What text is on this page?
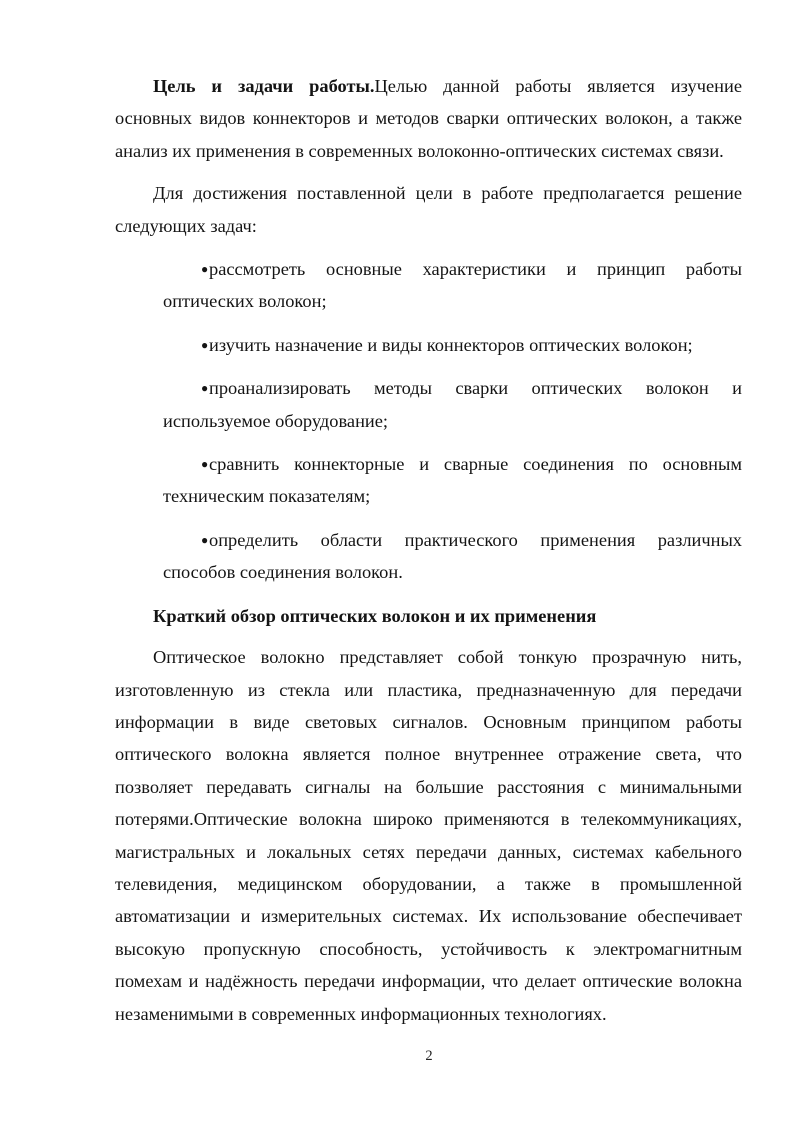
Цель и задачи работы.Целью данной работы является изучение основных видов коннекторов и методов сварки оптических волокон, а также анализ их применения в современных волоконно-оптических системах связи.

Для достижения поставленной цели в работе предполагается решение следующих задач:

●рассмотреть основные характеристики и принцип работы оптических волокон;
●изучить назначение и виды коннекторов оптических волокон;
●проанализировать методы сварки оптических волокон и используемое оборудование;
●сравнить коннекторные и сварные соединения по основным техническим показателям;
●определить области практического применения различных способов соединения волокон.
Краткий обзор оптических волокон и их применения

Оптическое волокно представляет собой тонкую прозрачную нить, изготовленную из стекла или пластика, предназначенную для передачи информации в виде световых сигналов. Основным принципом работы оптического волокна является полное внутреннее отражение света, что позволяет передавать сигналы на большие расстояния с минимальными потерями.Оптические волокна широко применяются в телекоммуникациях, магистральных и локальных сетях передачи данных, системах кабельного телевидения, медицинском оборудовании, а также в промышленной автоматизации и измерительных системах. Их использование обеспечивает высокую пропускную способность, устойчивость к электромагнитным помехам и надёжность передачи информации, что делает оптические волокна незаменимыми в современных информационных технологиях.

2
